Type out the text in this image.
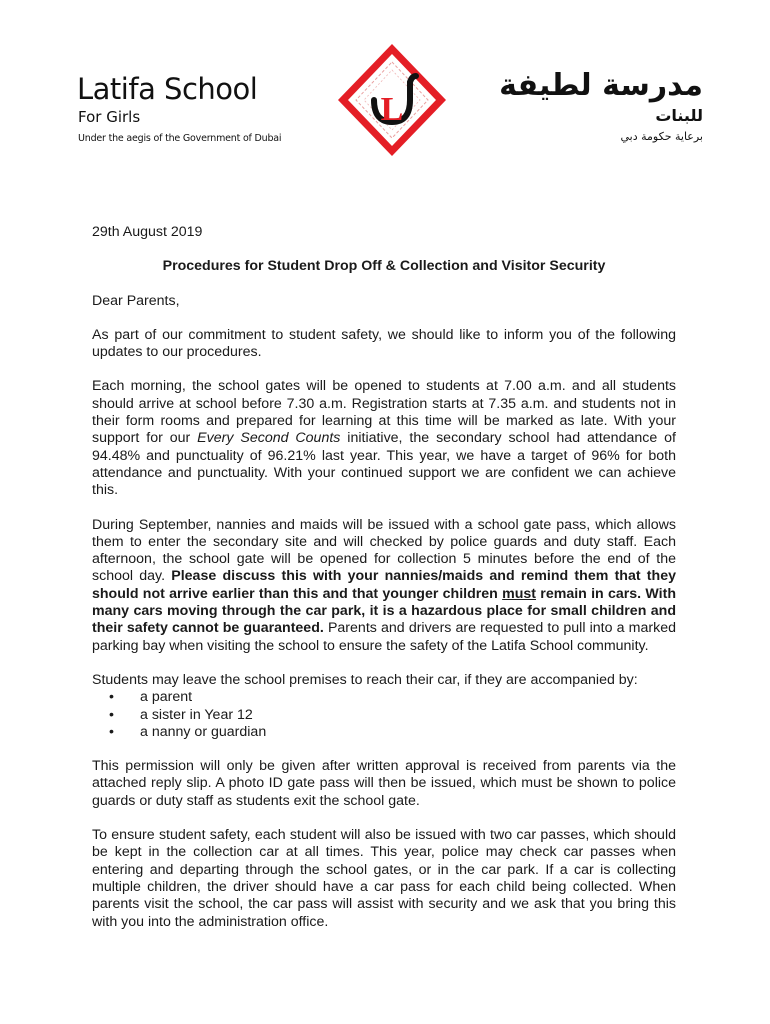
Latifa School
For Girls
Under the aegis of the Government of Dubai
L
مدرسة لطيفة
للبنات
برعاية حكومة دبي

29th August 2019

Procedures for Student Drop Off & Collection and Visitor Security

Dear Parents,

As part of our commitment to student safety, we should like to inform you of the following updates to our procedures.

Each morning, the school gates will be opened to students at 7.00 a.m. and all students should arrive at school before 7.30 a.m. Registration starts at 7.35 a.m. and students not in their form rooms and prepared for learning at this time will be marked as late. With your support for our Every Second Counts initiative, the secondary school had attendance of 94.48% and punctuality of 96.21% last year. This year, we have a target of 96% for both attendance and punctuality. With your continued support we are confident we can achieve this.

During September, nannies and maids will be issued with a school gate pass, which allows them to enter the secondary site and will checked by police guards and duty staff. Each afternoon, the school gate will be opened for collection 5 minutes before the end of the school day. Please discuss this with your nannies/maids and remind them that they should not arrive earlier than this and that younger children must remain in cars. With many cars moving through the car park, it is a hazardous place for small children and their safety cannot be guaranteed. Parents and drivers are requested to pull into a marked parking bay when visiting the school to ensure the safety of the Latifa School community.

Students may leave the school premises to reach their car, if they are accompanied by:

• a parent
• a sister in Year 12
• a nanny or guardian

This permission will only be given after written approval is received from parents via the attached reply slip. A photo ID gate pass will then be issued, which must be shown to police guards or duty staff as students exit the school gate.

To ensure student safety, each student will also be issued with two car passes, which should be kept in the collection car at all times. This year, police may check car passes when entering and departing through the school gates, or in the car park. If a car is collecting multiple children, the driver should have a car pass for each child being collected. When parents visit the school, the car pass will assist with security and we ask that you bring this with you into the administration office.
